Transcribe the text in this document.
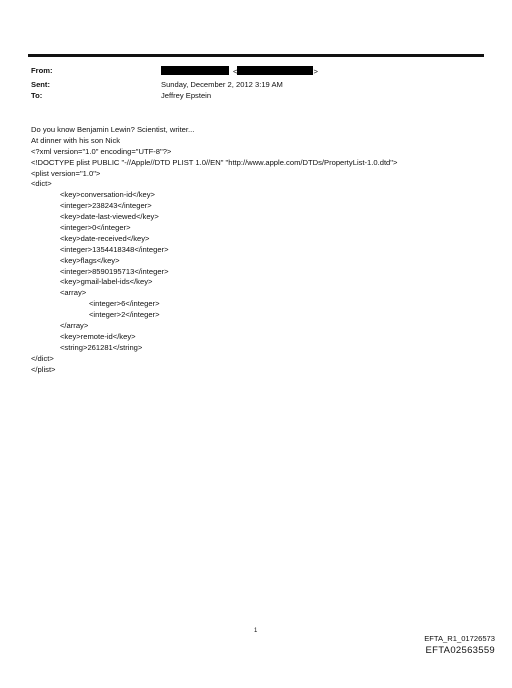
From:
Sent:
To:
<	>
Sunday, December 2, 2012 3:19 AM
Jeffrey Epstein
Do you know Benjamin Lewin? Scientist, writer...
At dinner with his son Nick
<?xml version="1.0" encoding="UTF-8"?>
<!DOCTYPE plist PUBLIC "-//Apple//DTD PLIST 1.0//EN" "http://www.apple.com/DTDs/PropertyList-1.0.dtd">
<plist version="1.0">
<dict>
<key>conversation-id</key>
<integer>238243</integer>
<key>date-last-viewed</key>
<integer>0</integer>
<key>date-received</key>
<integer>1354418348</integer>
<key>flags</key>
<integer>8590195713</integer>
<key>gmail-label-ids</key>
<array>
<integer>6</integer>
<integer>2</integer>
</array>
<key>remote-id</key>
<string>261281</string>
</dict>
</plist>
1
EFTA_R1_01726573
EFTA02563559
